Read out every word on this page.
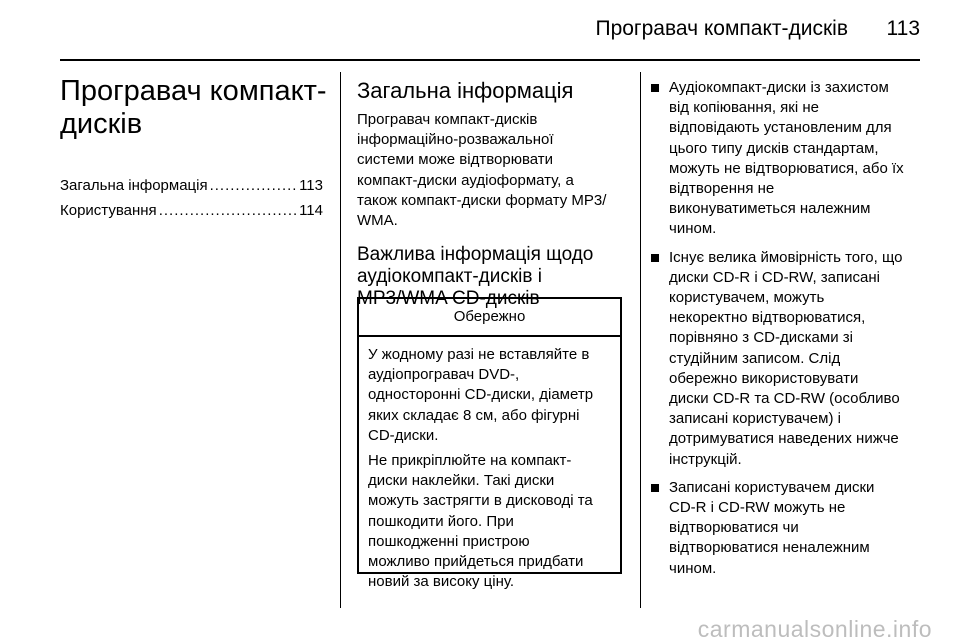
Програвач компакт-дисків	113
Програвач компакт-
дисків
Загальна інформація .....	113
Користування .....	114
Загальна інформація

Програвач компакт-дисків
інформаційно-розважальної
системи може відтворювати
компакт-диски аудіоформату, а
також компакт-диски формату MP3/
WMA.

Важлива інформація щодо
аудіокомпакт-дисків і
MP3/WMA CD-дисків
Обережно

У жодному разі не вставляйте в
аудіопрогравач DVD-,
односторонні CD-диски, діаметр
яких складає 8 см, або фігурні
CD-диски.

Не прикріплюйте на компакт-
диски наклейки. Такі диски
можуть застрягти в дисководі та
пошкодити його. При
пошкодженні пристрою
можливо прийдеться придбати
новий за високу ціну.

Аудіокомпакт-диски із захистом
від копіювання, які не
відповідають установленим для
цього типу дисків стандартам,
можуть не відтворюватися, або їх
відтворення не
виконуватиметься належним
чином.
Існує велика ймовірність того, що
диски CD-R і CD-RW, записані
користувачем, можуть
некоректно відтворюватися,
порівняно з CD-дисками зі
студійним записом. Слід
обережно використовувати
диски CD-R та CD-RW (особливо
записані користувачем) і
дотримуватися наведених нижче
інструкцій.
Записані користувачем диски
CD-R і CD-RW можуть не
відтворюватися чи
відтворюватися неналежним
чином.
carmanualsonline.info
